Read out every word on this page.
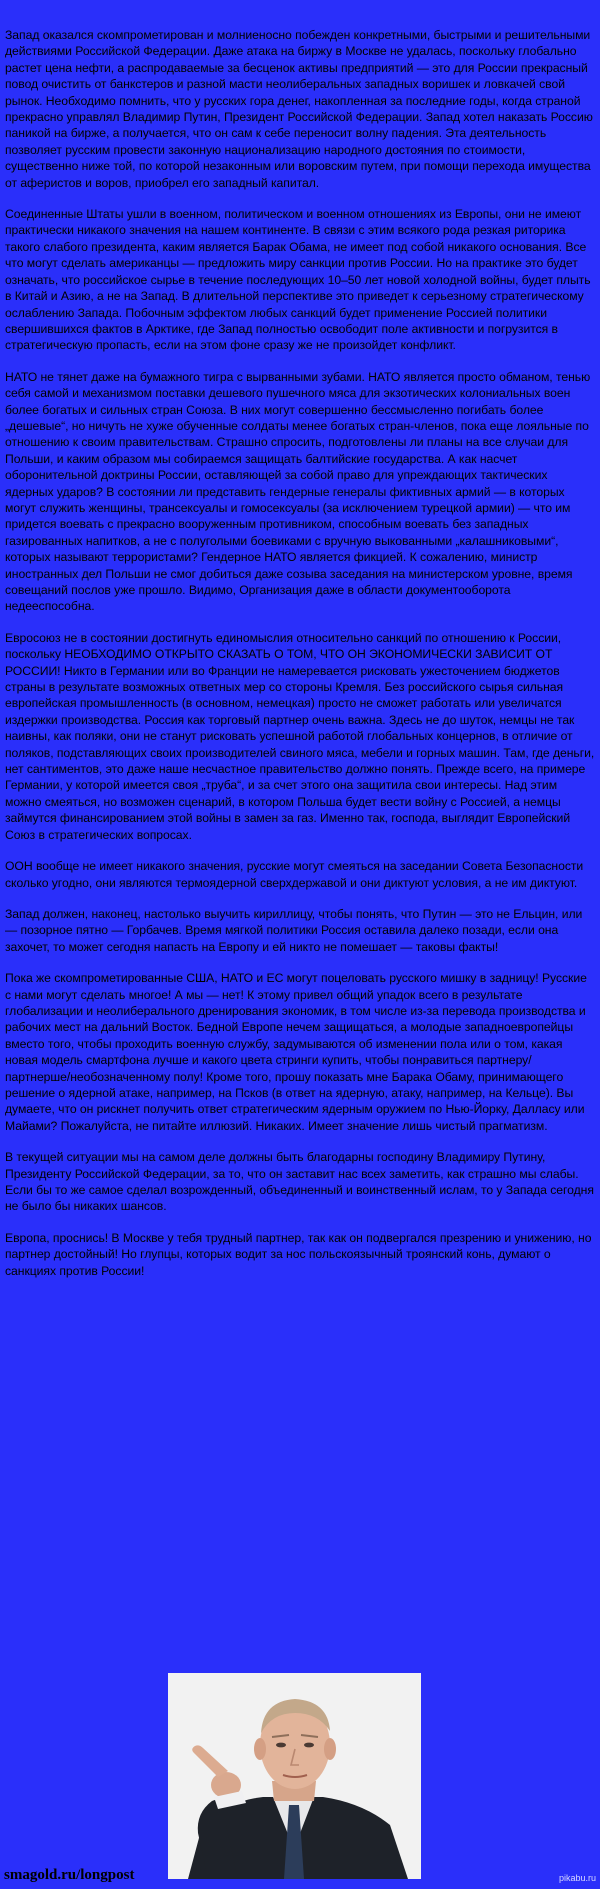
Запад оказался скомпрометирован и молниеносно побежден конкретными, быстрыми и решительными действиями Российской Федерации. Даже атака на биржу в Москве не удалась, поскольку глобально растет цена нефти, а распродаваемые за бесценок активы предприятий — это для России прекрасный повод очистить от банкстеров и разной масти неолиберальных западных воришек и ловкачей свой рынок. Необходимо помнить, что у русских гора денег, накопленная за последние годы, когда страной прекрасно управлял Владимир Путин, Президент Российской Федерации. Запад хотел наказать Россию паникой на бирже, а получается, что он сам к себе переносит волну падения. Эта деятельность позволяет русским провести законную национализацию народного достояния по стоимости, существенно ниже той, по которой незаконным или воровским путем, при помощи перехода имущества от аферистов и воров, приобрел его западный капитал.

Соединенные Штаты ушли в военном, политическом и военном отношениях из Европы, они не имеют практически никакого значения на нашем континенте. В связи с этим всякого рода резкая риторика такого слабого президента, каким является Барак Обама, не имеет под собой никакого основания. Все что могут сделать американцы — предложить миру санкции против России. Но на практике это будет означать, что российское сырье в течение последующих 10–50 лет новой холодной войны, будет плыть в Китай и Азию, а не на Запад. В длительной перспективе это приведет к серьезному стратегическому ослаблению Запада. Побочным эффектом любых санкций будет применение Россией политики свершившихся фактов в Арктике, где Запад полностью освободит поле активности и погрузится в стратегическую пропасть, если на этом фоне сразу же не произойдет конфликт.

НАТО не тянет даже на бумажного тигра с вырванными зубами. НАТО является просто обманом, тенью себя самой и механизмом поставки дешевого пушечного мяса для экзотических колониальных воен более богатых и сильных стран Союза. В них могут совершенно бессмысленно погибать более „дешевые“, но ничуть не хуже обученные солдаты менее богатых стран-членов, пока еще лояльные по отношению к своим правительствам. Страшно спросить, подготовлены ли планы на все случаи для Польши, и каким образом мы собираемся защищать балтийские государства. А как насчет оборонительной доктрины России, оставляющей за собой право для упреждающих тактических ядерных ударов? В состоянии ли представить гендерные генералы фиктивных армий — в которых могут служить женщины, трансексуалы и гомосексуалы (за исключением турецкой армии) — что им придется воевать с прекрасно вооруженным противником, способным воевать без западных газированных напитков, а не с полуголыми боевиками с вручную выкованными „калашниковыми“, которых называют террористами? Гендерное НАТО является фикцией. К сожалению, министр иностранных дел Польши не смог добиться даже созыва заседания на министерском уровне, время совещаний послов уже прошло. Видимо, Организация даже в области документооборота недееспособна.

Евросоюз не в состоянии достигнуть единомыслия относительно санкций по отношению к России, поскольку НЕОБХОДИМО ОТКРЫТО СКАЗАТЬ О ТОМ, ЧТО ОН ЭКОНОМИЧЕСКИ ЗАВИСИТ ОТ РОССИИ! Никто в Германии или во Франции не намеревается рисковать ужесточением бюджетов страны в результате возможных ответных мер со стороны Кремля. Без российского сырья сильная европейская промышленность (в основном, немецкая) просто не сможет работать или увеличатся издержки производства. Россия как торговый партнер очень важна. Здесь не до шуток, немцы не так наивны, как поляки, они не станут рисковать успешной работой глобальных концернов, в отличие от поляков, подставляющих своих производителей свиного мяса, мебели и горных машин. Там, где деньги, нет сантиментов, это даже наше несчастное правительство должно понять. Прежде всего, на примере Германии, у которой имеется своя „труба“, и за счет этого она защитила свои интересы. Над этим можно смеяться, но возможен сценарий, в котором Польша будет вести войну с Россией, а немцы займутся финансированием этой войны в замен за газ. Именно так, господа, выглядит Европейский Союз в стратегических вопросах.

ООН вообще не имеет никакого значения, русские могут смеяться на заседании Совета Безопасности сколько угодно, они являются термоядерной сверхдержавой и они диктуют условия, а не им диктуют.

Запад должен, наконец, настолько выучить кириллицу, чтобы понять, что Путин — это не Ельцин, или — позорное пятно — Горбачев. Время мягкой политики Россия оставила далеко позади, если она захочет, то может сегодня напасть на Европу и ей никто не помешает — таковы факты!

Пока же скомпрометированные США, НАТО и ЕС могут поцеловать русского мишку в задницу! Русские с нами могут сделать многое! А мы — нет! К этому привел общий упадок всего в результате глобализации и неолиберального дренирования экономик, в том числе из-за перевода производства и рабочих мест на дальний Восток. Бедной Европе нечем защищаться, а молодые западноевропейцы вместо того, чтобы проходить военную службу, задумываются об изменении пола или о том, какая новая модель смартфона лучше и какого цвета стринги купить, чтобы понравиться партнеру/партнерше/необозначенному полу! Кроме того, прошу показать мне Барака Обаму, принимающего решение о ядерной атаке, например, на Псков (в ответ на ядерную, атаку, например, на Кельце). Вы думаете, что он рискнет получить ответ стратегическим ядерным оружием по Нью-Йорку, Далласу или Майами? Пожалуйста, не питайте иллюзий. Никаких. Имеет значение лишь чистый прагматизм.

В текущей ситуации мы на самом деле должны быть благодарны господину Владимиру Путину, Президенту Российской Федерации, за то, что он заставит нас всех заметить, как страшно мы слабы. Если бы то же самое сделал возрожденный, объединенный и воинственный ислам, то у Запада сегодня не было бы никаких шансов.

Европа, проснись! В Москве у тебя трудный партнер, так как он подвергался презрению и унижению, но партнер достойный! Но глупцы, которых водит за нос польскоязычный троянский конь, думают о санкциях против России!

smagold.ru/longpost	pikabu.ru
